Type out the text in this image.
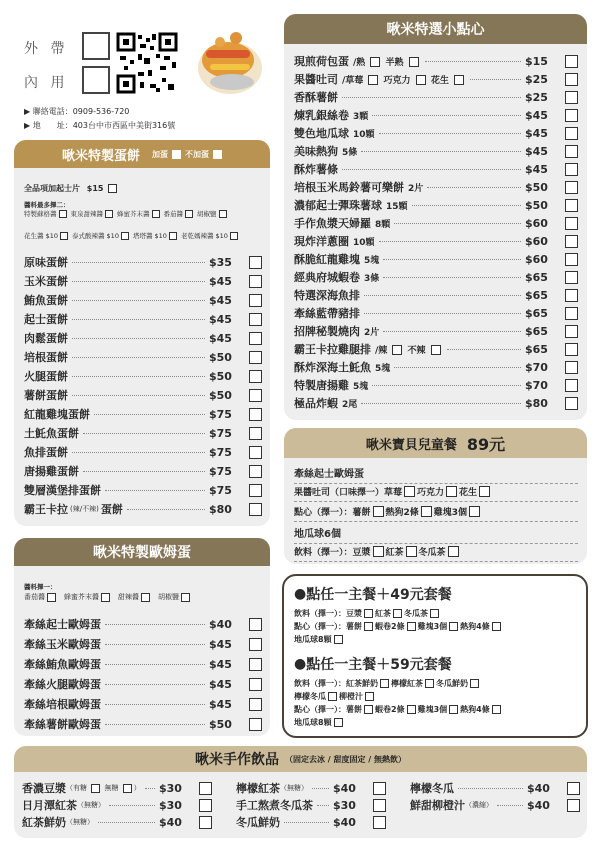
外 帶
內 用
▶ 聯絡電話：0909-536-720
▶ 地　　址：403台中市西區中美街316號
啾米特製蛋餅 加蛋 不加蛋
全品項加起士片 $15
醬料最多擇二：
特製蘇格醬 東泉甜辣醬 蜂蜜芥末醬 番茄醬 胡椒鹽
花生醬 $10 泰式酸辣醬 $10 塔塔醬 $10 老乾媽辣醬 $10
原味蛋餅	$35
玉米蛋餅	$45
鮪魚蛋餅	$45
起士蛋餅	$45
肉鬆蛋餅	$45
培根蛋餅	$50
火腿蛋餅	$50
薯餅蛋餅	$50
紅龍雞塊蛋餅	$75
土魠魚蛋餅	$75
魚排蛋餅	$75
唐揚雞蛋餅	$75
雙層漢堡排蛋餅	$75
霸王卡拉 (辣/不辣) 蛋餅	$80
啾米特製歐姆蛋
醬料擇一：
番茄醬	蜂蜜芥末醬	甜辣醬	胡椒鹽
牽絲起士歐姆蛋	$40
牽絲玉米歐姆蛋	$45
牽絲鮪魚歐姆蛋	$45
牽絲火腿歐姆蛋	$45
牽絲培根歐姆蛋	$45
牽絲薯餅歐姆蛋	$50
啾米特選小點心
現煎荷包蛋 /熟  半熟	$15
果醬吐司 /草莓  巧克力  花生	$25
香酥薯餅	$25
煉乳銀絲卷 3顆	$45
雙色地瓜球 10顆	$45
美味熱狗 5條	$45
酥炸薯條	$45
培根玉米馬鈴薯可樂餅 2片	$50
濃郁起士彈珠薯球 15顆	$50
手作魚漿天婦羅 8顆	$60
現炸洋蔥圈 10顆	$60
酥脆紅龍雞塊 5塊	$60
經典府城蝦卷 3條	$65
特選深海魚排	$65
牽絲藍帶豬排	$65
招牌秘製燒肉 2片	$65
霸王卡拉雞腿排 /辣  不辣	$65
酥炸深海土魠魚 5塊	$70
特製唐揚雞 5塊	$70
極品炸蝦 2尾	$80
啾米寶貝兒童餐 89元
牽絲起士歐姆蛋
果醬吐司（口味擇一）草莓 巧克力 花生
點心（擇一）：薯餅 熱狗2條 雞塊3個
地瓜球6個
飲料（擇一）：豆漿 紅茶 冬瓜茶
● 點任一主餐＋49元套餐
飲料（擇一）：豆漿 紅茶 冬瓜茶
點心（擇一）：薯餅 蝦卷2條 雞塊3個 熱狗4條
地瓜球8顆
● 點任一主餐＋59元套餐
飲料（擇一）：紅茶鮮奶 檸檬紅茶 冬瓜鮮奶
檸檬冬瓜 柳橙汁
點心（擇一）：薯餅 蝦卷2條 雞塊3個 熱狗4條
地瓜球8顆
啾米手作飲品 （固定去冰 / 甜度固定 / 無熱飲）
香濃豆漿 （有糖  無糖 ） $30
日月潭紅茶 （無糖）	$30
紅茶鮮奶 （無糖）	$40
檸檬紅茶 （無糖） $40
手工熬煮冬瓜茶 $30
冬瓜鮮奶	$40
檸檬冬瓜	$40
鮮甜柳橙汁 （濃縮）	$40
